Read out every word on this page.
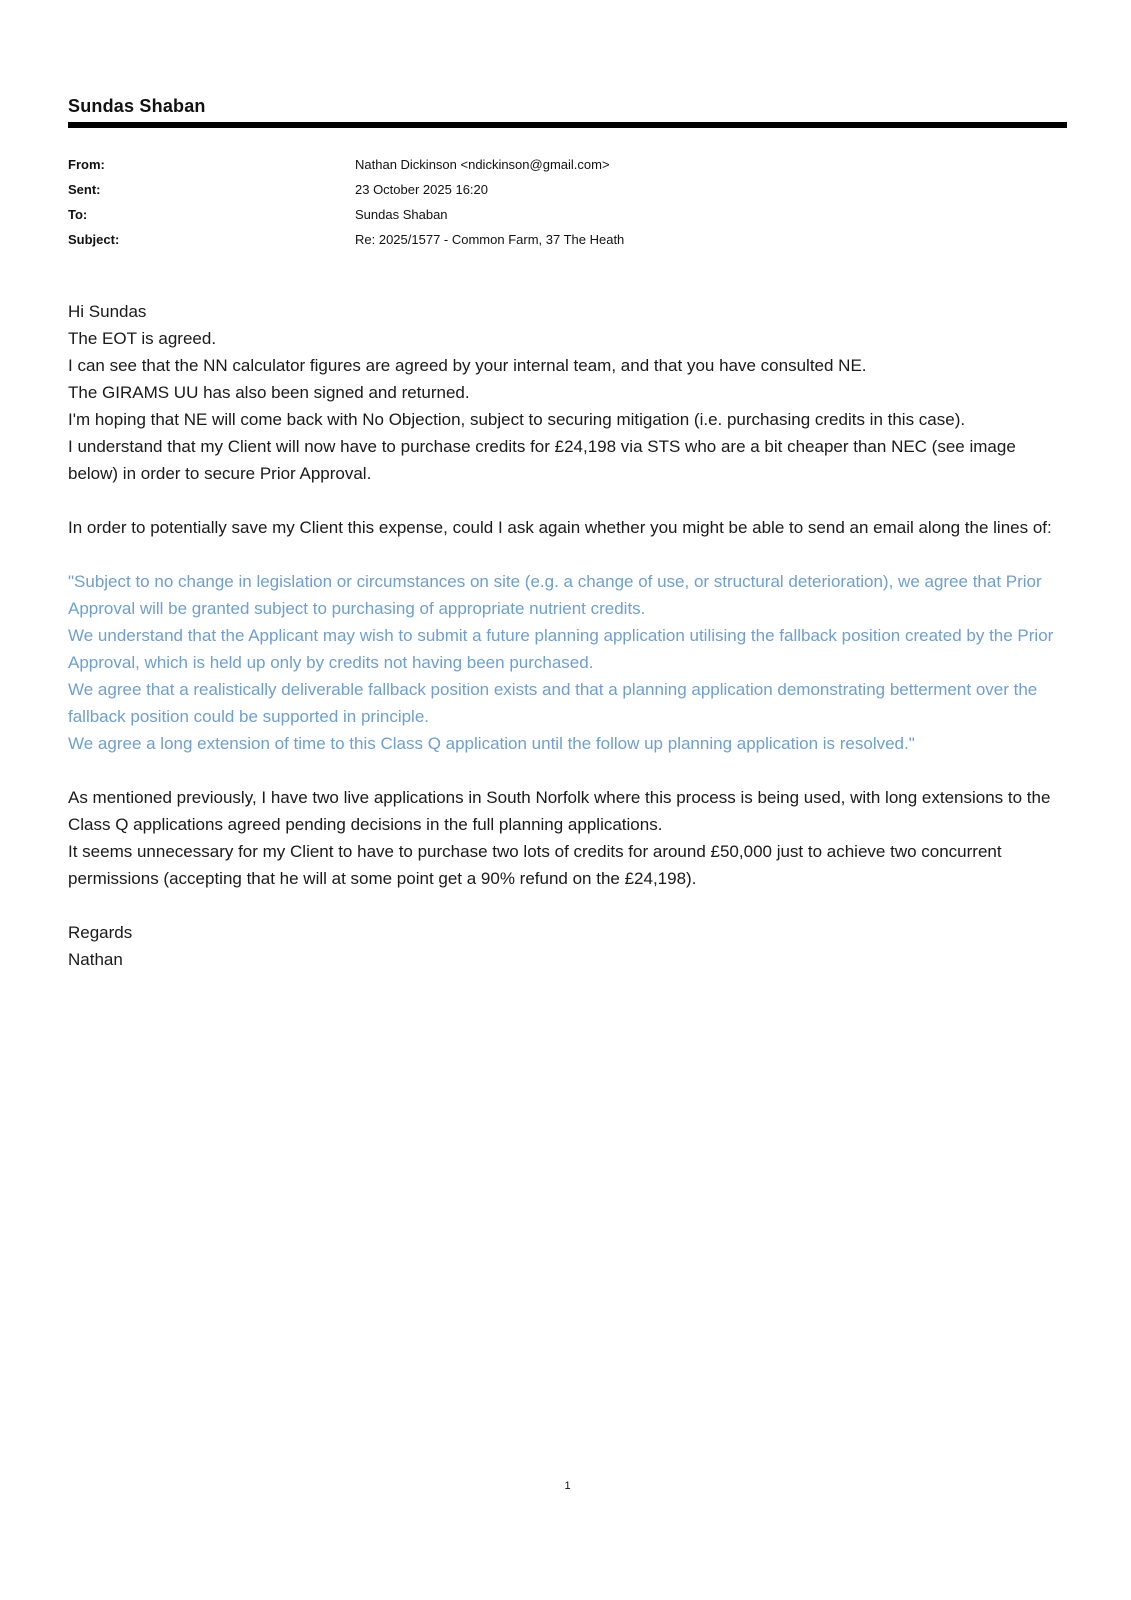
Sundas Shaban
From:	Nathan Dickinson <ndickinson@gmail.com>
Sent:	23 October 2025 16:20
To:	Sundas Shaban
Subject:	Re: 2025/1577 - Common Farm, 37 The Heath

Hi Sundas

The EOT is agreed.

I can see that the NN calculator figures are agreed by your internal team, and that you have consulted NE.

The GIRAMS UU has also been signed and returned.

I'm hoping that NE will come back with No Objection, subject to securing mitigation (i.e. purchasing credits in this case).

I understand that my Client will now have to purchase credits for £24,198 via STS who are a bit cheaper than NEC (see image below) in order to secure Prior Approval.

In order to potentially save my Client this expense, could I ask again whether you might be able to send an email along the lines of:

"Subject to no change in legislation or circumstances on site (e.g. a change of use, or structural deterioration), we agree that Prior Approval will be granted subject to purchasing of appropriate nutrient credits.

We understand that the Applicant may wish to submit a future planning application utilising the fallback position created by the Prior Approval, which is held up only by credits not having been purchased.

We agree that a realistically deliverable fallback position exists and that a planning application demonstrating betterment over the fallback position could be supported in principle.

We agree a long extension of time to this Class Q application until the follow up planning application is resolved."

As mentioned previously, I have two live applications in South Norfolk where this process is being used, with long extensions to the Class Q applications agreed pending decisions in the full planning applications.

It seems unnecessary for my Client to have to purchase two lots of credits for around £50,000 just to achieve two concurrent permissions (accepting that he will at some point get a 90% refund on the £24,198).

Regards

Nathan

1
